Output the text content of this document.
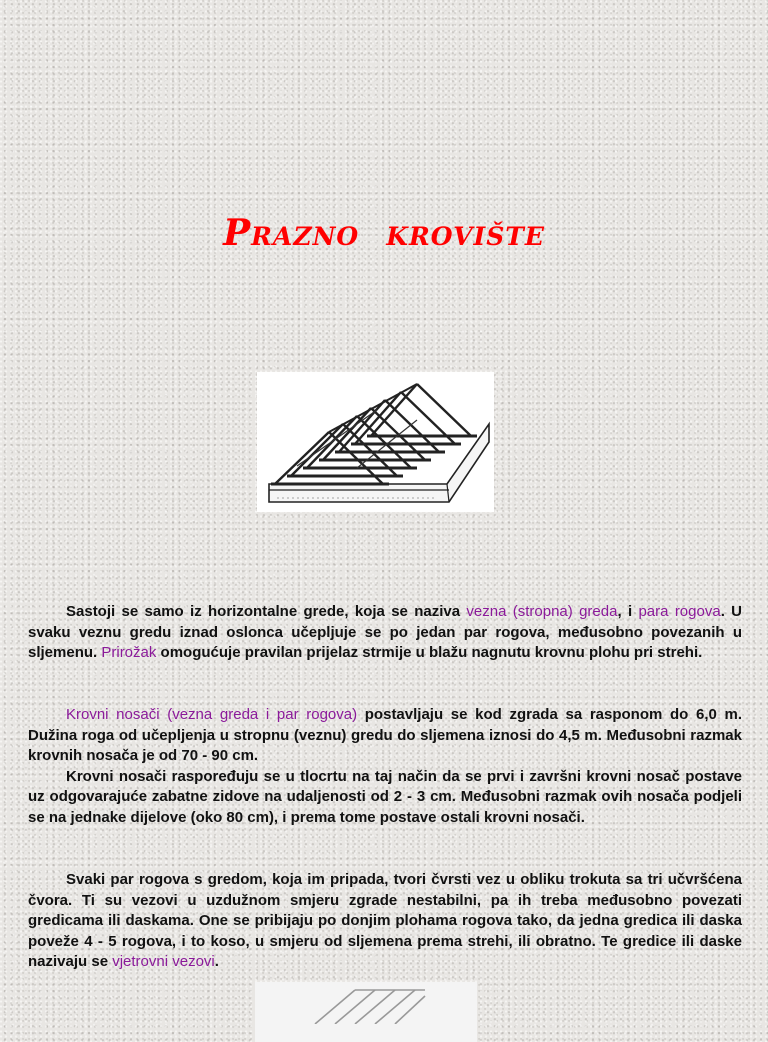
Prazno  krovište
Sastoji se samo iz horizontalne grede, koja se naziva vezna (stropna) greda, i para rogova. U svaku veznu gredu iznad oslonca učepljuje se po jedan par rogova, međusobno povezanih u sljemenu. Prirožak omogućuje pravilan prijelaz strmije u blažu nagnutu krovnu plohu pri strehi.
Krovni nosači (vezna greda i par rogova) postavljaju se kod zgrada sa rasponom do 6,0 m. Dužina roga od učepljenja u stropnu (veznu) gredu do sljemena iznosi do 4,5 m. Međusobni razmak krovnih nosača je od 70 - 90 cm.
Krovni nosači raspoređuju se u tlocrtu na taj način da se prvi i završni krovni nosač postave uz odgovarajuće zabatne zidove na udaljenosti od 2 - 3 cm. Međusobni razmak ovih nosača podjeli se na jednake dijelove (oko 80 cm), i prema tome postave ostali krovni nosači.
Svaki par rogova s gredom, koja im pripada, tvori čvrsti vez u obliku trokuta sa tri učvršćena čvora. Ti su vezovi u uzdužnom smjeru zgrade nestabilni, pa ih treba međusobno povezati gredicama ili daskama. One se pribijaju po donjim plohama rogova tako, da jedna gredica ili daska poveže 4 - 5 rogova, i to koso, u smjeru od sljemena prema strehi, ili obratno. Te gredice ili daske nazivaju se vjetrovni vezovi.
